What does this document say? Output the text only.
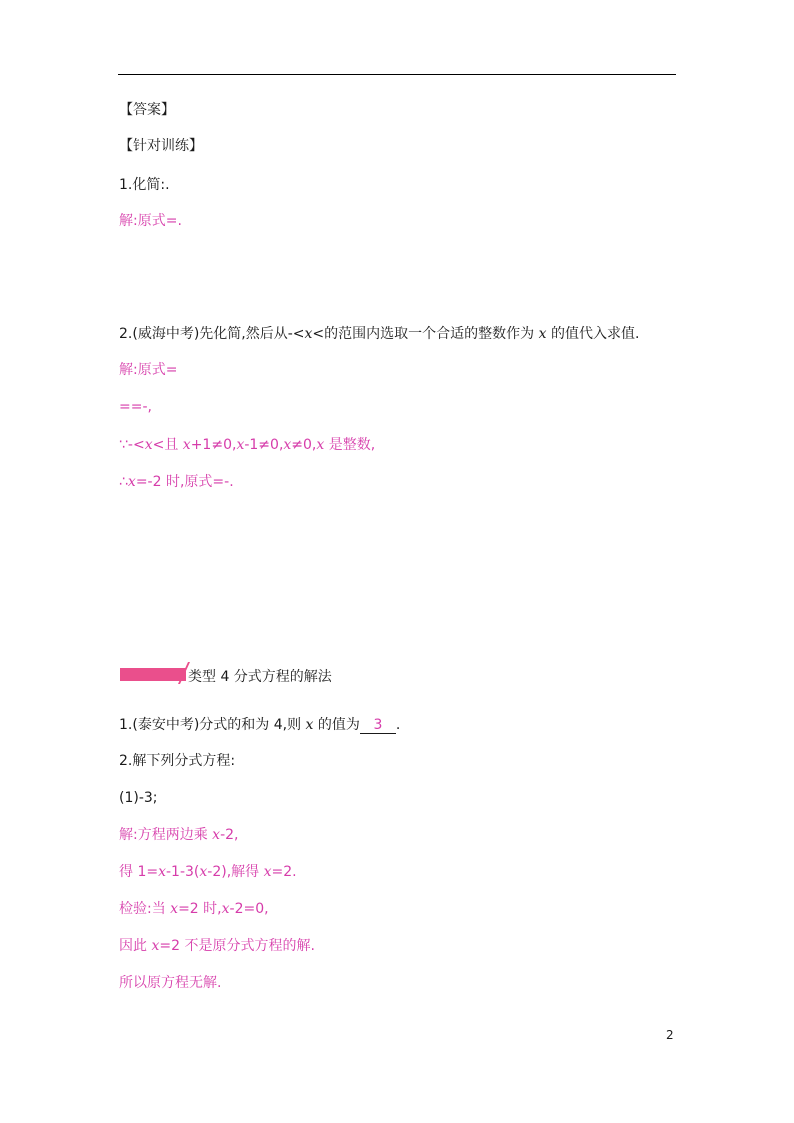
【答案】
【针对训练】
1.化简:.
解:原式=.
2.(威海中考)先化简,然后从-<x<的范围内选取一个合适的整数作为 x 的值代入求值.
解:原式=
==-,
∵-<x<且 x+1≠0,x-1≠0,x≠0,x 是整数,
∴x=-2 时,原式=-.
类型 4 分式方程的解法
1.(泰安中考)分式的和为 4,则 x 的值为 3 .
2.解下列分式方程:
(1)-3;
解:方程两边乘 x-2,
得 1=x-1-3(x-2),解得 x=2.
检验:当 x=2 时,x-2=0,
因此 x=2 不是原分式方程的解.
所以原方程无解.
2
